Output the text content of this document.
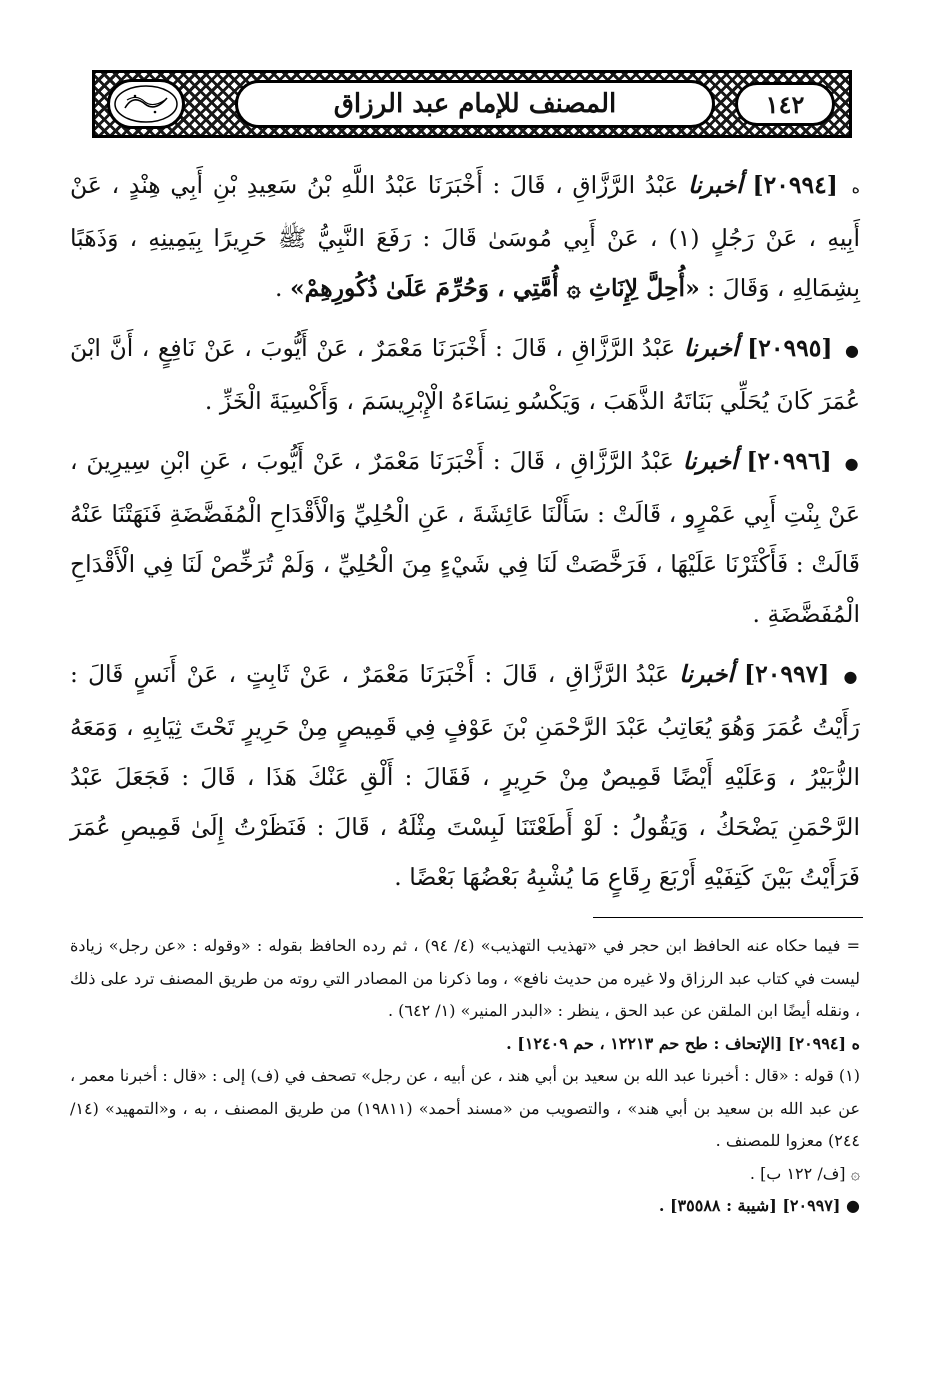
المصنف للإمام عبد الرزاق	١٤٢

ه [٢٠٩٩٤] أخبرنا عَبْدُ الرَّزَّاقِ ، قَالَ : أَخْبَرَنَا عَبْدُ اللَّهِ بْنُ سَعِيدِ بْنِ أَبِي هِنْدٍ ، عَنْ أَبِيهِ ، عَنْ رَجُلٍ (١) ، عَنْ أَبِي مُوسَىٰ قَالَ : رَفَعَ النَّبِيُّ ﷺ حَرِيرًا بِيَمِينِهِ ، وَذَهَبًا بِشِمَالِهِ ، وَقَالَ : «أُحِلَّ لِإِنَاثِ ۞ أُمَّتِي ، وَحُرِّمَ عَلَىٰ ذُكُورِهِمْ» .

● [٢٠٩٩٥] أخبرنا عَبْدُ الرَّزَّاقِ ، قَالَ : أَخْبَرَنَا مَعْمَرٌ ، عَنْ أَيُّوبَ ، عَنْ نَافِعٍ ، أَنَّ ابْنَ عُمَرَ كَانَ يُحَلِّي بَنَاتَهُ الذَّهَبَ ، وَيَكْسُو نِسَاءَهُ الْإِبْرِيسَمَ ، وَأَكْسِيَةَ الْخَزِّ .

● [٢٠٩٩٦] أخبرنا عَبْدُ الرَّزَّاقِ ، قَالَ : أَخْبَرَنَا مَعْمَرٌ ، عَنْ أَيُّوبَ ، عَنِ ابْنِ سِيرِينَ ، عَنْ بِنْتِ أَبِي عَمْرٍو ، قَالَتْ : سَأَلْنَا عَائِشَةَ ، عَنِ الْحُلِيِّ وَالْأَقْدَاحِ الْمُفَضَّضَةِ فَنَهَتْنَا عَنْهُ قَالَتْ : فَأَكْثَرْنَا عَلَيْهَا ، فَرَخَّصَتْ لَنَا فِي شَيْءٍ مِنَ الْحُلِيِّ ، وَلَمْ تُرَخِّصْ لَنَا فِي الْأَقْدَاحِ الْمُفَضَّضَةِ .

● [٢٠٩٩٧] أخبرنا عَبْدُ الرَّزَّاقِ ، قَالَ : أَخْبَرَنَا مَعْمَرٌ ، عَنْ ثَابِتٍ ، عَنْ أَنَسٍ قَالَ : رَأَيْتُ عُمَرَ وَهُوَ يُعَاتِبُ عَبْدَ الرَّحْمَنِ بْنَ عَوْفٍ فِي قَمِيصٍ مِنْ حَرِيرٍ تَحْتَ ثِيَابِهِ ، وَمَعَهُ الزُّبَيْرُ ، وَعَلَيْهِ أَيْضًا قَمِيصٌ مِنْ حَرِيرٍ ، فَقَالَ : أَلْقِ عَنْكَ هَذَا ، قَالَ : فَجَعَلَ عَبْدُ الرَّحْمَنِ يَضْحَكُ ، وَيَقُولُ : لَوْ أَطَعْتَنَا لَبِسْتَ مِثْلَهُ ، قَالَ : فَنَظَرْتُ إِلَىٰ قَمِيصِ عُمَرَ فَرَأَيْتُ بَيْنَ كَتِفَيْهِ أَرْبَعَ رِقَاعٍ مَا يُشْبِهُ بَعْضُهَا بَعْضًا .

= فيما حكاه عنه الحافظ ابن حجر في «تهذيب التهذيب» (٤/ ٩٤) ، ثم رده الحافظ بقوله : «وقوله : «عن رجل» زيادة ليست في كتاب عبد الرزاق ولا غيره من حديث نافع» ، وما ذكرنا من المصادر التي روته من طريق المصنف ترد على ذلك ، ونقله أيضًا ابن الملقن عن عبد الحق ، ينظر : «البدر المنير» (١/ ٦٤٢) .

ه [٢٠٩٩٤] [الإتحاف : طح حم ١٢٢١٣ ، حم ١٢٤٠٩] .

(١) قوله : «قال : أخبرنا عبد الله بن سعيد بن أبي هند ، عن أبيه ، عن رجل» تصحف في (ف) إلى : «قال : أخبرنا معمر ، عن عبد الله بن سعيد بن أبي هند» ، والتصويب من «مسند أحمد» (١٩٨١١) من طريق المصنف ، به ، و«التمهيد» (١٤/ ٢٤٤) معزوا للمصنف .

۞ [ف/ ١٢٢ ب] .

● [٢٠٩٩٧] [شيبة : ٣٥٥٨٨] .
